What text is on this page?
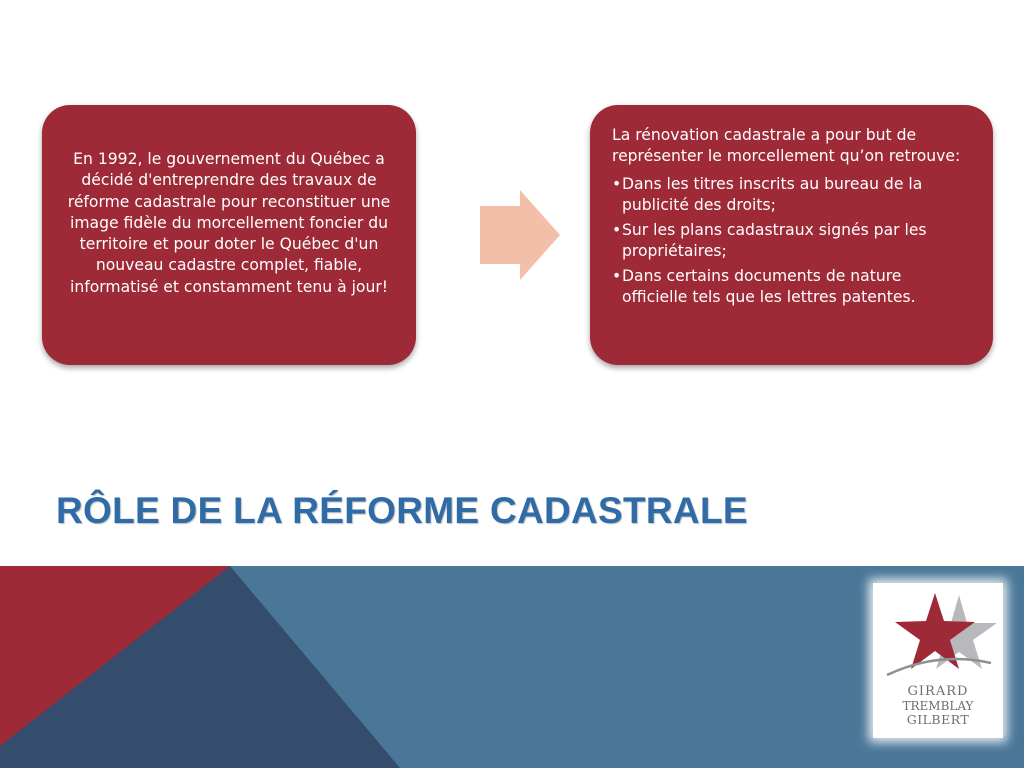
En 1992, le gouvernement du Québec a décidé d'entreprendre des travaux de réforme cadastrale pour reconstituer une image fidèle du morcellement foncier du territoire et pour doter le Québec d'un nouveau cadastre complet, fiable, informatisé et constamment tenu à jour!

La rénovation cadastrale a pour but de représenter le morcellement qu’on retrouve:

• Dans les titres inscrits au bureau de la publicité des droits;
• Sur les plans cadastraux signés par les propriétaires;
• Dans certains documents de nature officielle tels que les lettres patentes.
RÔLE DE LA RÉFORME CADASTRALE
GIRARD
TREMBLAY
GILBERT
